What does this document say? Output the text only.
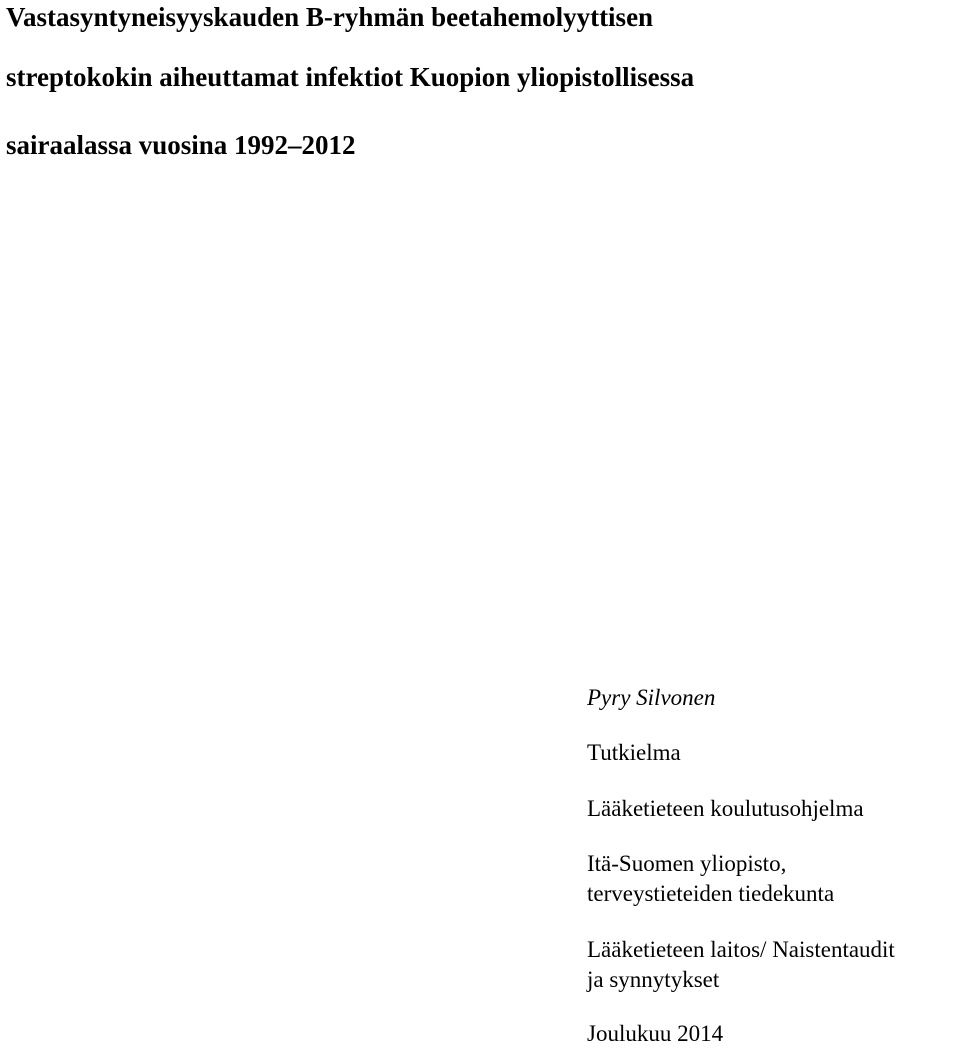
Vastasyntyneisyyskauden B-ryhmän beetahemolyyttisen

streptokokin aiheuttamat infektiot Kuopion yliopistollisessa

sairaalassa vuosina 1992–2012

Pyry Silvonen

Tutkielma

Lääketieteen koulutusohjelma

Itä-Suomen yliopisto,

terveystieteiden tiedekunta

Lääketieteen laitos/ Naistentaudit

ja synnytykset

Joulukuu 2014
